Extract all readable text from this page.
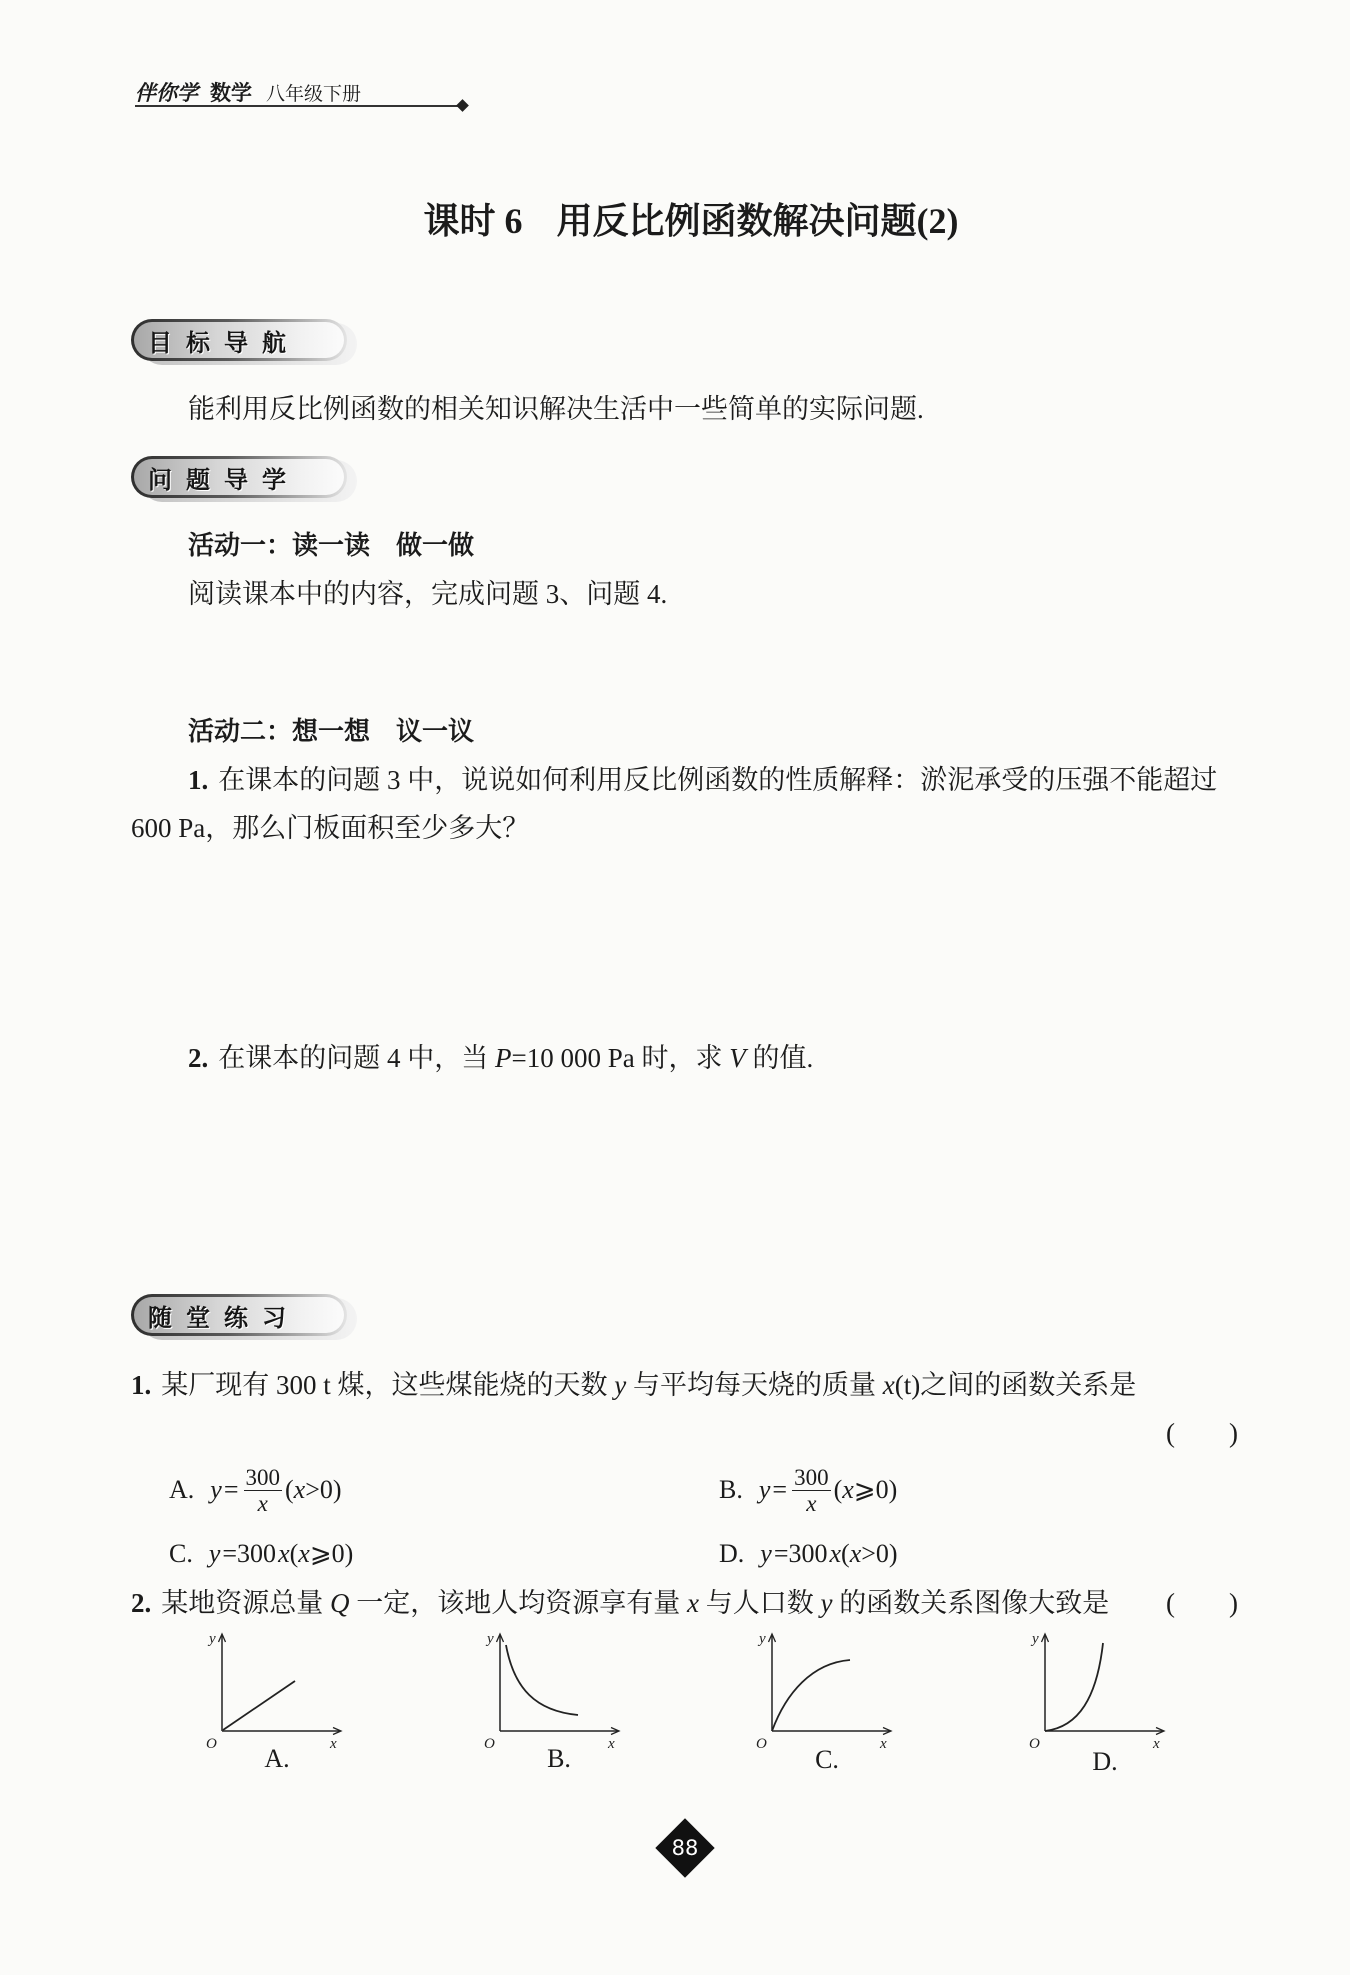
伴你学 数学 八年级下册
课时 6 用反比例函数解决问题(2)
目标导航
能利用反比例函数的相关知识解决生活中一些简单的实际问题.
问题导学
活动一：读一读　做一做
阅读课本中的内容，完成问题 3、问题 4.
活动二：想一想　议一议
1. 在课本的问题 3 中，说说如何利用反比例函数的性质解释：淤泥承受的压强不能超过
600 Pa，那么门板面积至少多大？
2. 在课本的问题 4 中，当 P=10 000 Pa 时，求 V 的值.
随堂练习
1. 某厂现有 300 t 煤，这些煤能烧的天数 y 与平均每天烧的质量 x(t)之间的函数关系是
(　　)
A. $y = \frac{300}{x}$ ( x >0)	B. $y = \frac{300}{x}$ ( x ⩾0)
C. y =300 x ( x ⩾0)	D. y =300 x ( x >0)
2. 某地资源总量 Q 一定，该地人均资源享有量 x 与人口数 y 的函数关系图像大致是 (　　)
y
O	x
y
O	x
y
O	x
y
O	x
A.	B.	C.	D.
88
